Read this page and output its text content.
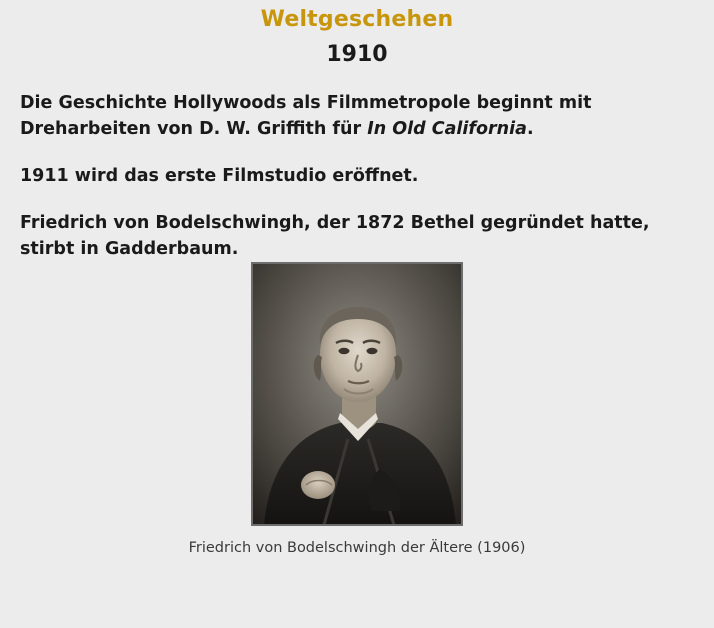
Weltgeschehen
1910

Die Geschichte Hollywoods als Filmmetropole beginnt mit Dreharbeiten von D. W. Griffith für In Old California.

1911 wird das erste Filmstudio eröffnet.

Friedrich von Bodelschwingh, der 1872 Bethel gegründet hatte, stirbt in Gadderbaum.

Friedrich von Bodelschwingh der Ältere (1906)
